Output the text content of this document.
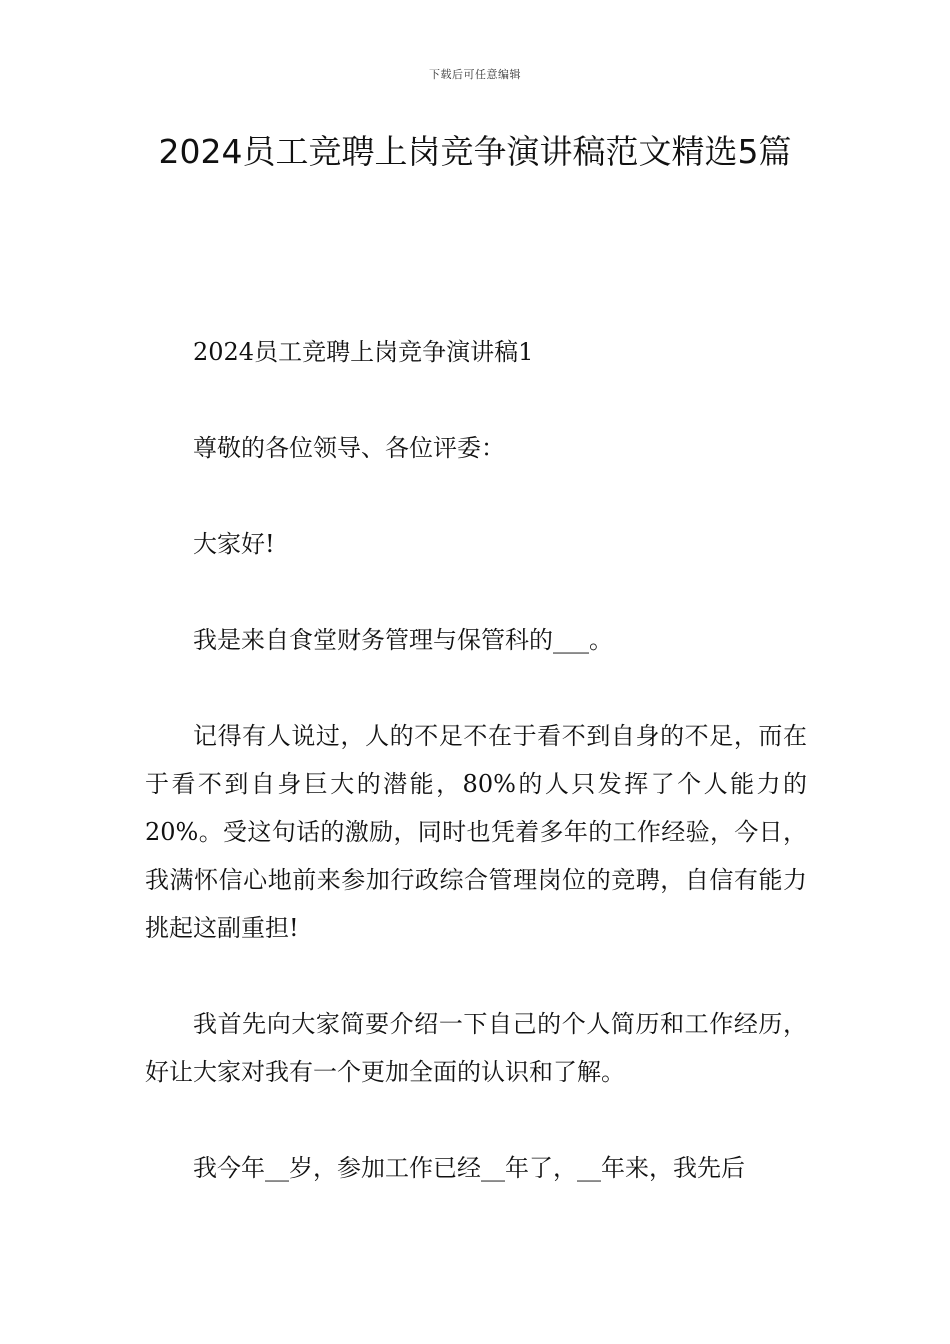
下载后可任意编辑
2024员工竞聘上岗竞争演讲稿范文精选5篇

2024员工竞聘上岗竞争演讲稿1

尊敬的各位领导、各位评委：

大家好!

我是来自食堂财务管理与保管科的___。

记得有人说过，人的不足不在于看不到自身的不足，而在于看不到自身巨大的潜能，80%的人只发挥了个人能力的20%。受这句话的激励，同时也凭着多年的工作经验，今日，我满怀信心地前来参加行政综合管理岗位的竞聘，自信有能力挑起这副重担!

我首先向大家简要介绍一下自己的个人简历和工作经历，好让大家对我有一个更加全面的认识和了解。

我今年__岁，参加工作已经__年了，__年来，我先后
